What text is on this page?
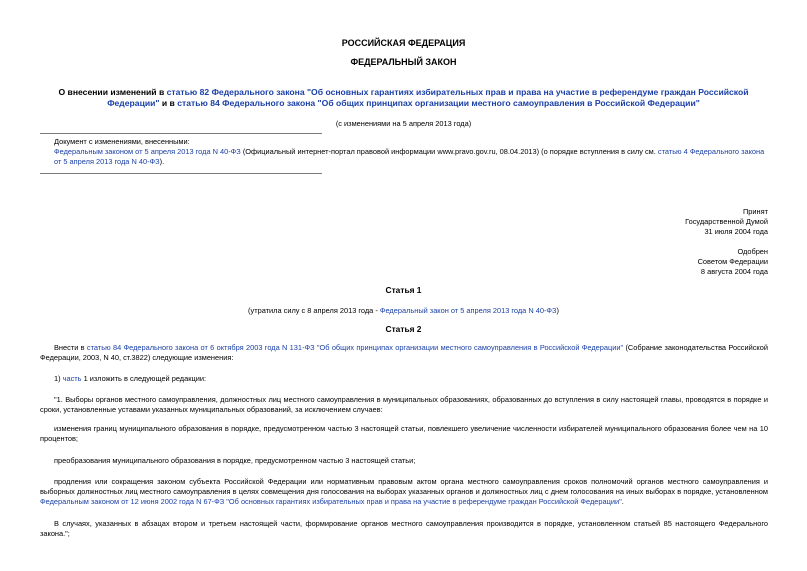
РОССИЙСКАЯ ФЕДЕРАЦИЯ
ФЕДЕРАЛЬНЫЙ ЗАКОН
О внесении изменений в статью 82 Федерального закона "Об основных гарантиях избирательных прав и права на участие в референдуме граждан Российской Федерации" и в статью 84 Федерального закона "Об общих принципах организации местного самоуправления в Российской Федерации"
(с изменениями на 5 апреля 2013 года)
Документ с изменениями, внесенными:
Федеральным законом от 5 апреля 2013 года N 40-ФЗ (Официальный интернет-портал правовой информации www.pravo.gov.ru, 08.04.2013) (о порядке вступления в силу см. статью 4 Федерального закона от 5 апреля 2013 года N 40-ФЗ).
Принят
Государственной Думой
31 июля 2004 года
Одобрен
Советом Федерации
8 августа 2004 года
Статья 1
(утратила силу с 8 апреля 2013 года - Федеральный закон от 5 апреля 2013 года N 40-ФЗ)
Статья 2
Внести в статью 84 Федерального закона от 6 октября 2003 года N 131-ФЗ "Об общих принципах организации местного самоуправления в Российской Федерации" (Собрание законодательства Российской Федерации, 2003, N 40, ст.3822) следующие изменения:
1) часть 1 изложить в следующей редакции:
"1. Выборы органов местного самоуправления, должностных лиц местного самоуправления в муниципальных образованиях, образованных до вступления в силу настоящей главы, проводятся в порядке и сроки, установленные уставами указанных муниципальных образований, за исключением случаев:
изменения границ муниципального образования в порядке, предусмотренном частью 3 настоящей статьи, повлекшего увеличение численности избирателей муниципального образования более чем на 10 процентов;
преобразования муниципального образования в порядке, предусмотренном частью 3 настоящей статьи;
продления или сокращения законом субъекта Российской Федерации или нормативным правовым актом органа местного самоуправления сроков полномочий органов местного самоуправления и выборных должностных лиц местного самоуправления в целях совмещения дня голосования на выборах указанных органов и должностных лиц с днем голосования на иных выборах в порядке, установленном Федеральным законом от 12 июня 2002 года N 67-ФЗ "Об основных гарантиях избирательных прав и права на участие в референдуме граждан Российской Федерации".
В случаях, указанных в абзацах втором и третьем настоящей части, формирование органов местного самоуправления производится в порядке, установленном статьей 85 настоящего Федерального закона.";
